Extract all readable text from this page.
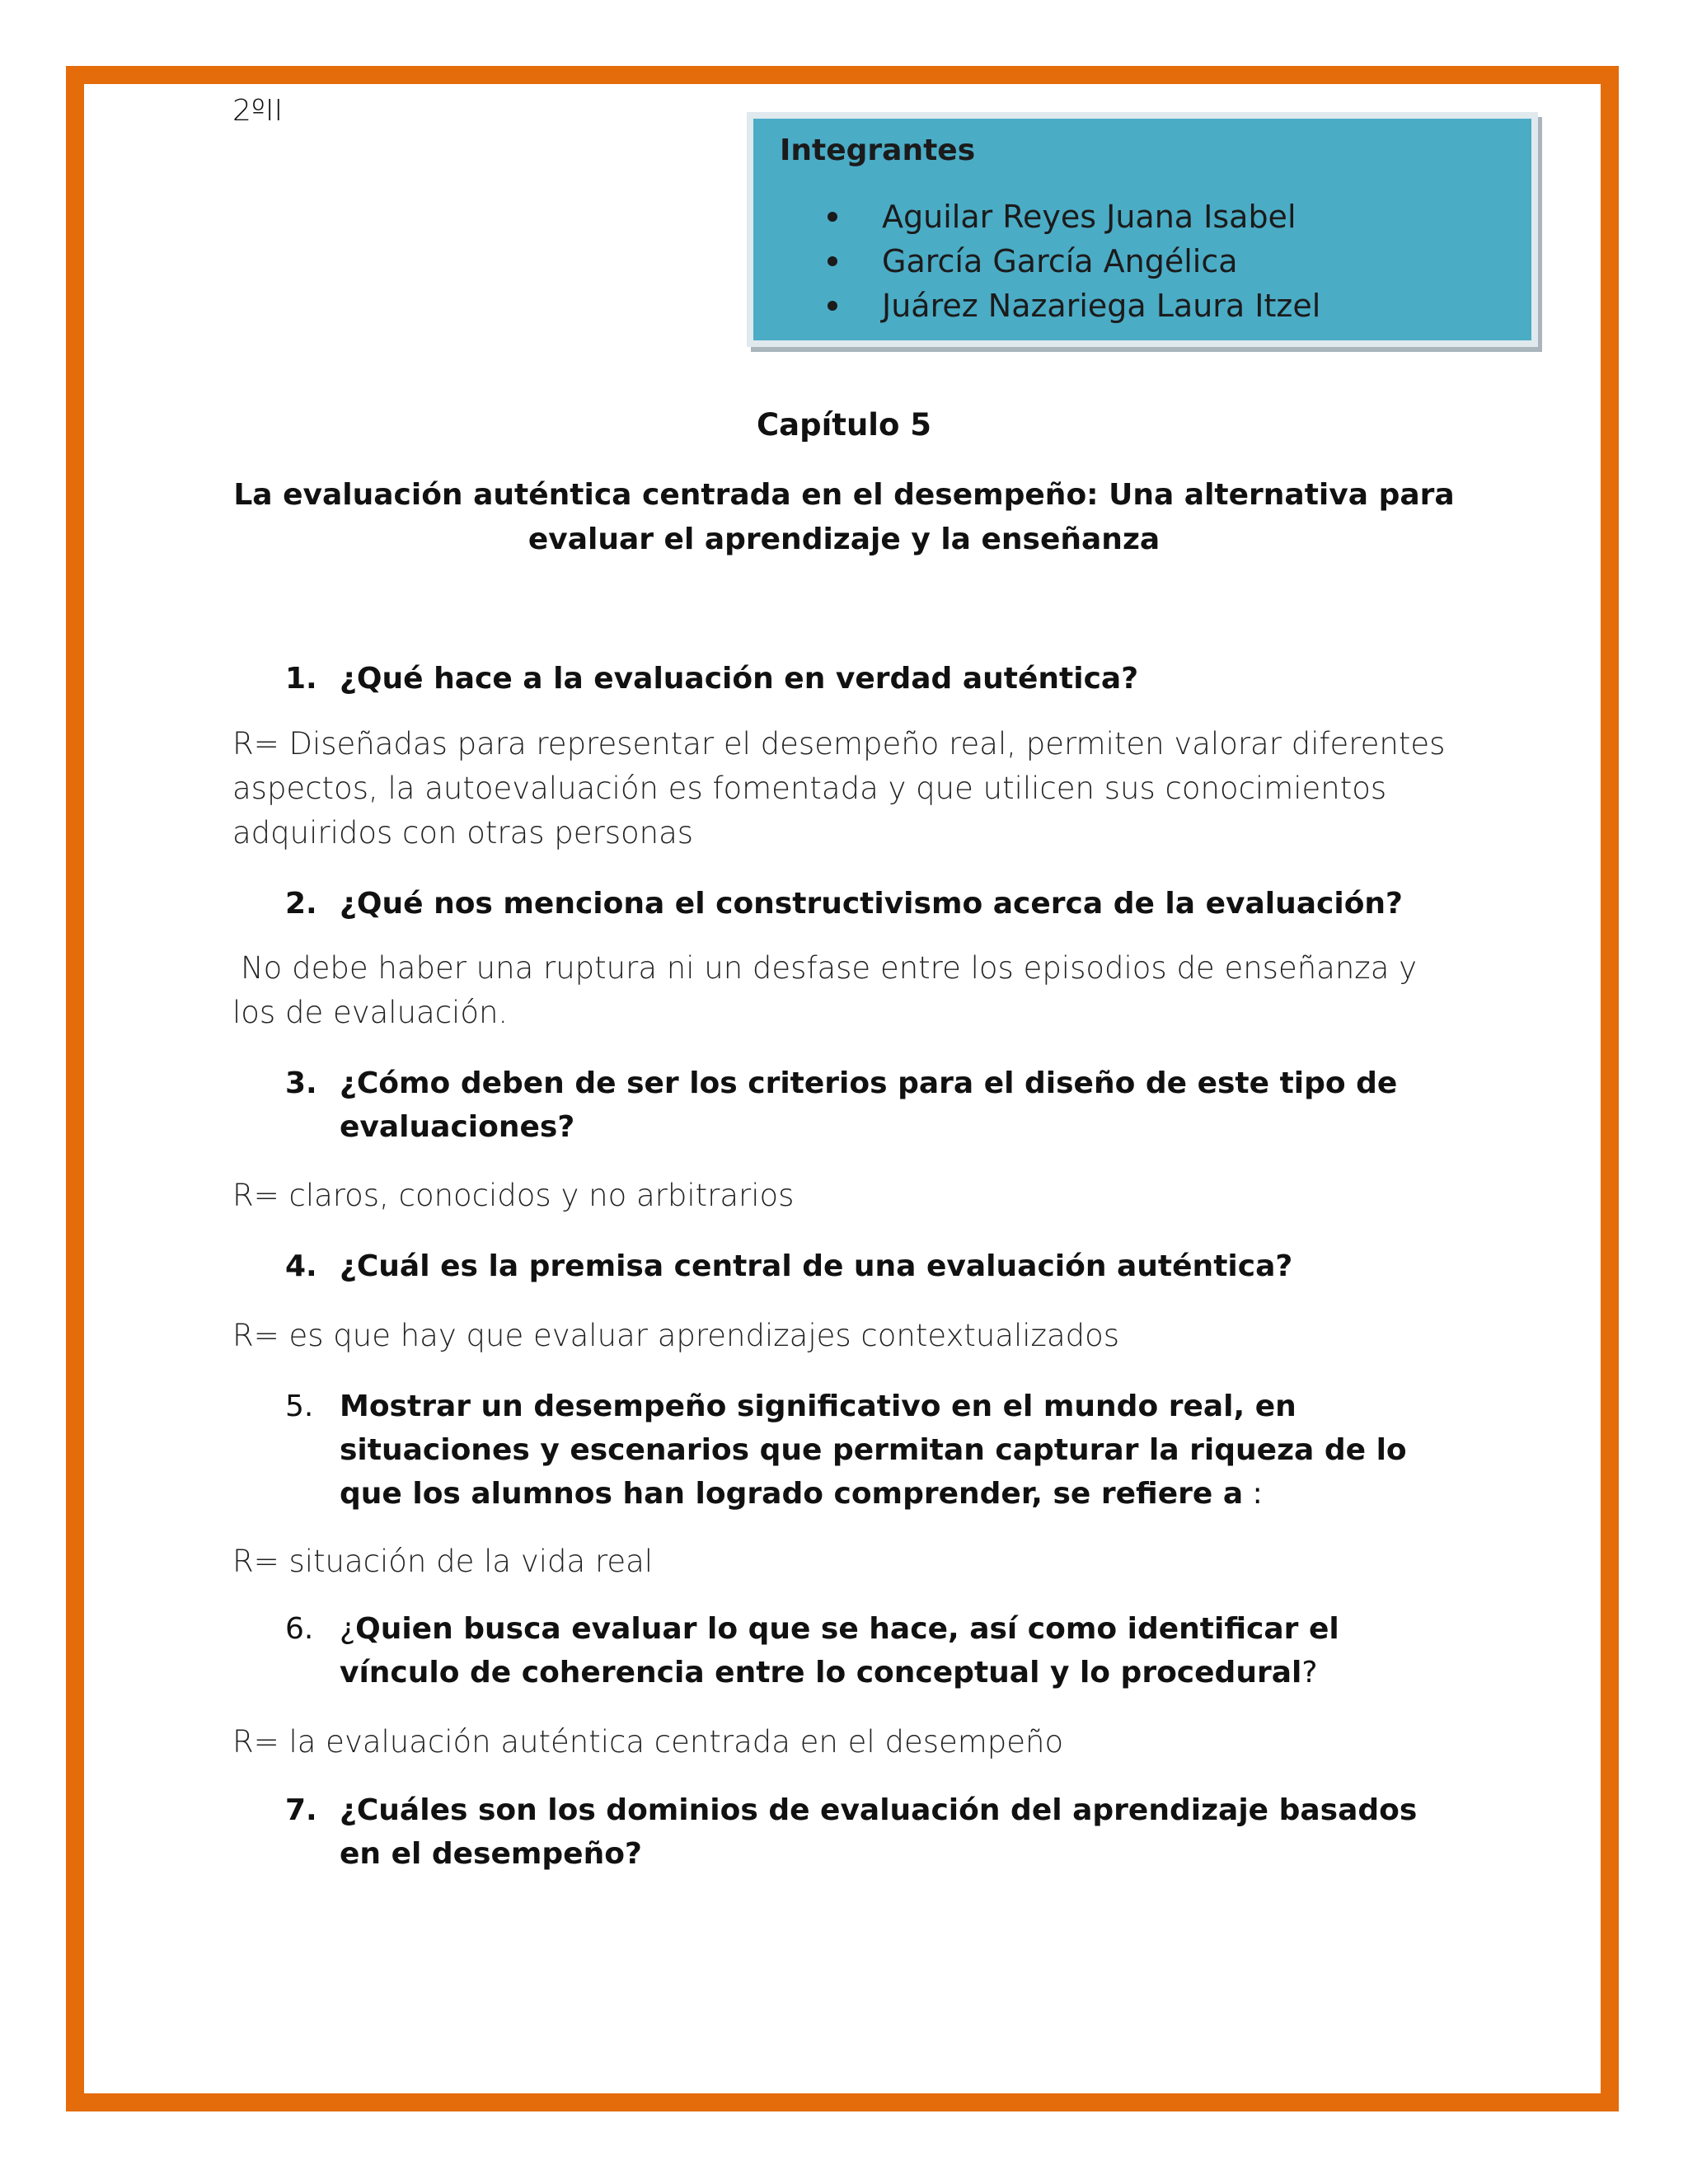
2ºII
Integrantes
Aguilar Reyes Juana Isabel
García García Angélica
Juárez Nazariega Laura Itzel
Capítulo 5
La evaluación auténtica centrada en el desempeño: Una alternativa para evaluar el aprendizaje y la enseñanza
1. ¿Qué hace a la evaluación en verdad auténtica?
R= Diseñadas para representar el desempeño real, permiten valorar diferentes aspectos, la autoevaluación es fomentada y que utilicen sus conocimientos adquiridos con otras personas
2. ¿Qué nos menciona el constructivismo acerca de la evaluación?
No debe haber una ruptura ni un desfase entre los episodios de enseñanza y los de evaluación.
3. ¿Cómo deben de ser los criterios para el diseño de este tipo de evaluaciones?
R= claros, conocidos y no arbitrarios
4. ¿Cuál es la premisa central de una evaluación auténtica?
R= es que hay que evaluar aprendizajes contextualizados
5. Mostrar un desempeño significativo en el mundo real, en situaciones y escenarios que permitan capturar la riqueza de lo que los alumnos han logrado comprender, se refiere a :
R= situación de la vida real
6. ¿Quien busca evaluar lo que se hace, así como identificar el vínculo de coherencia entre lo conceptual y lo procedural?
R= la evaluación auténtica centrada en el desempeño
7. ¿Cuáles son los dominios de evaluación del aprendizaje basados en el desempeño?
